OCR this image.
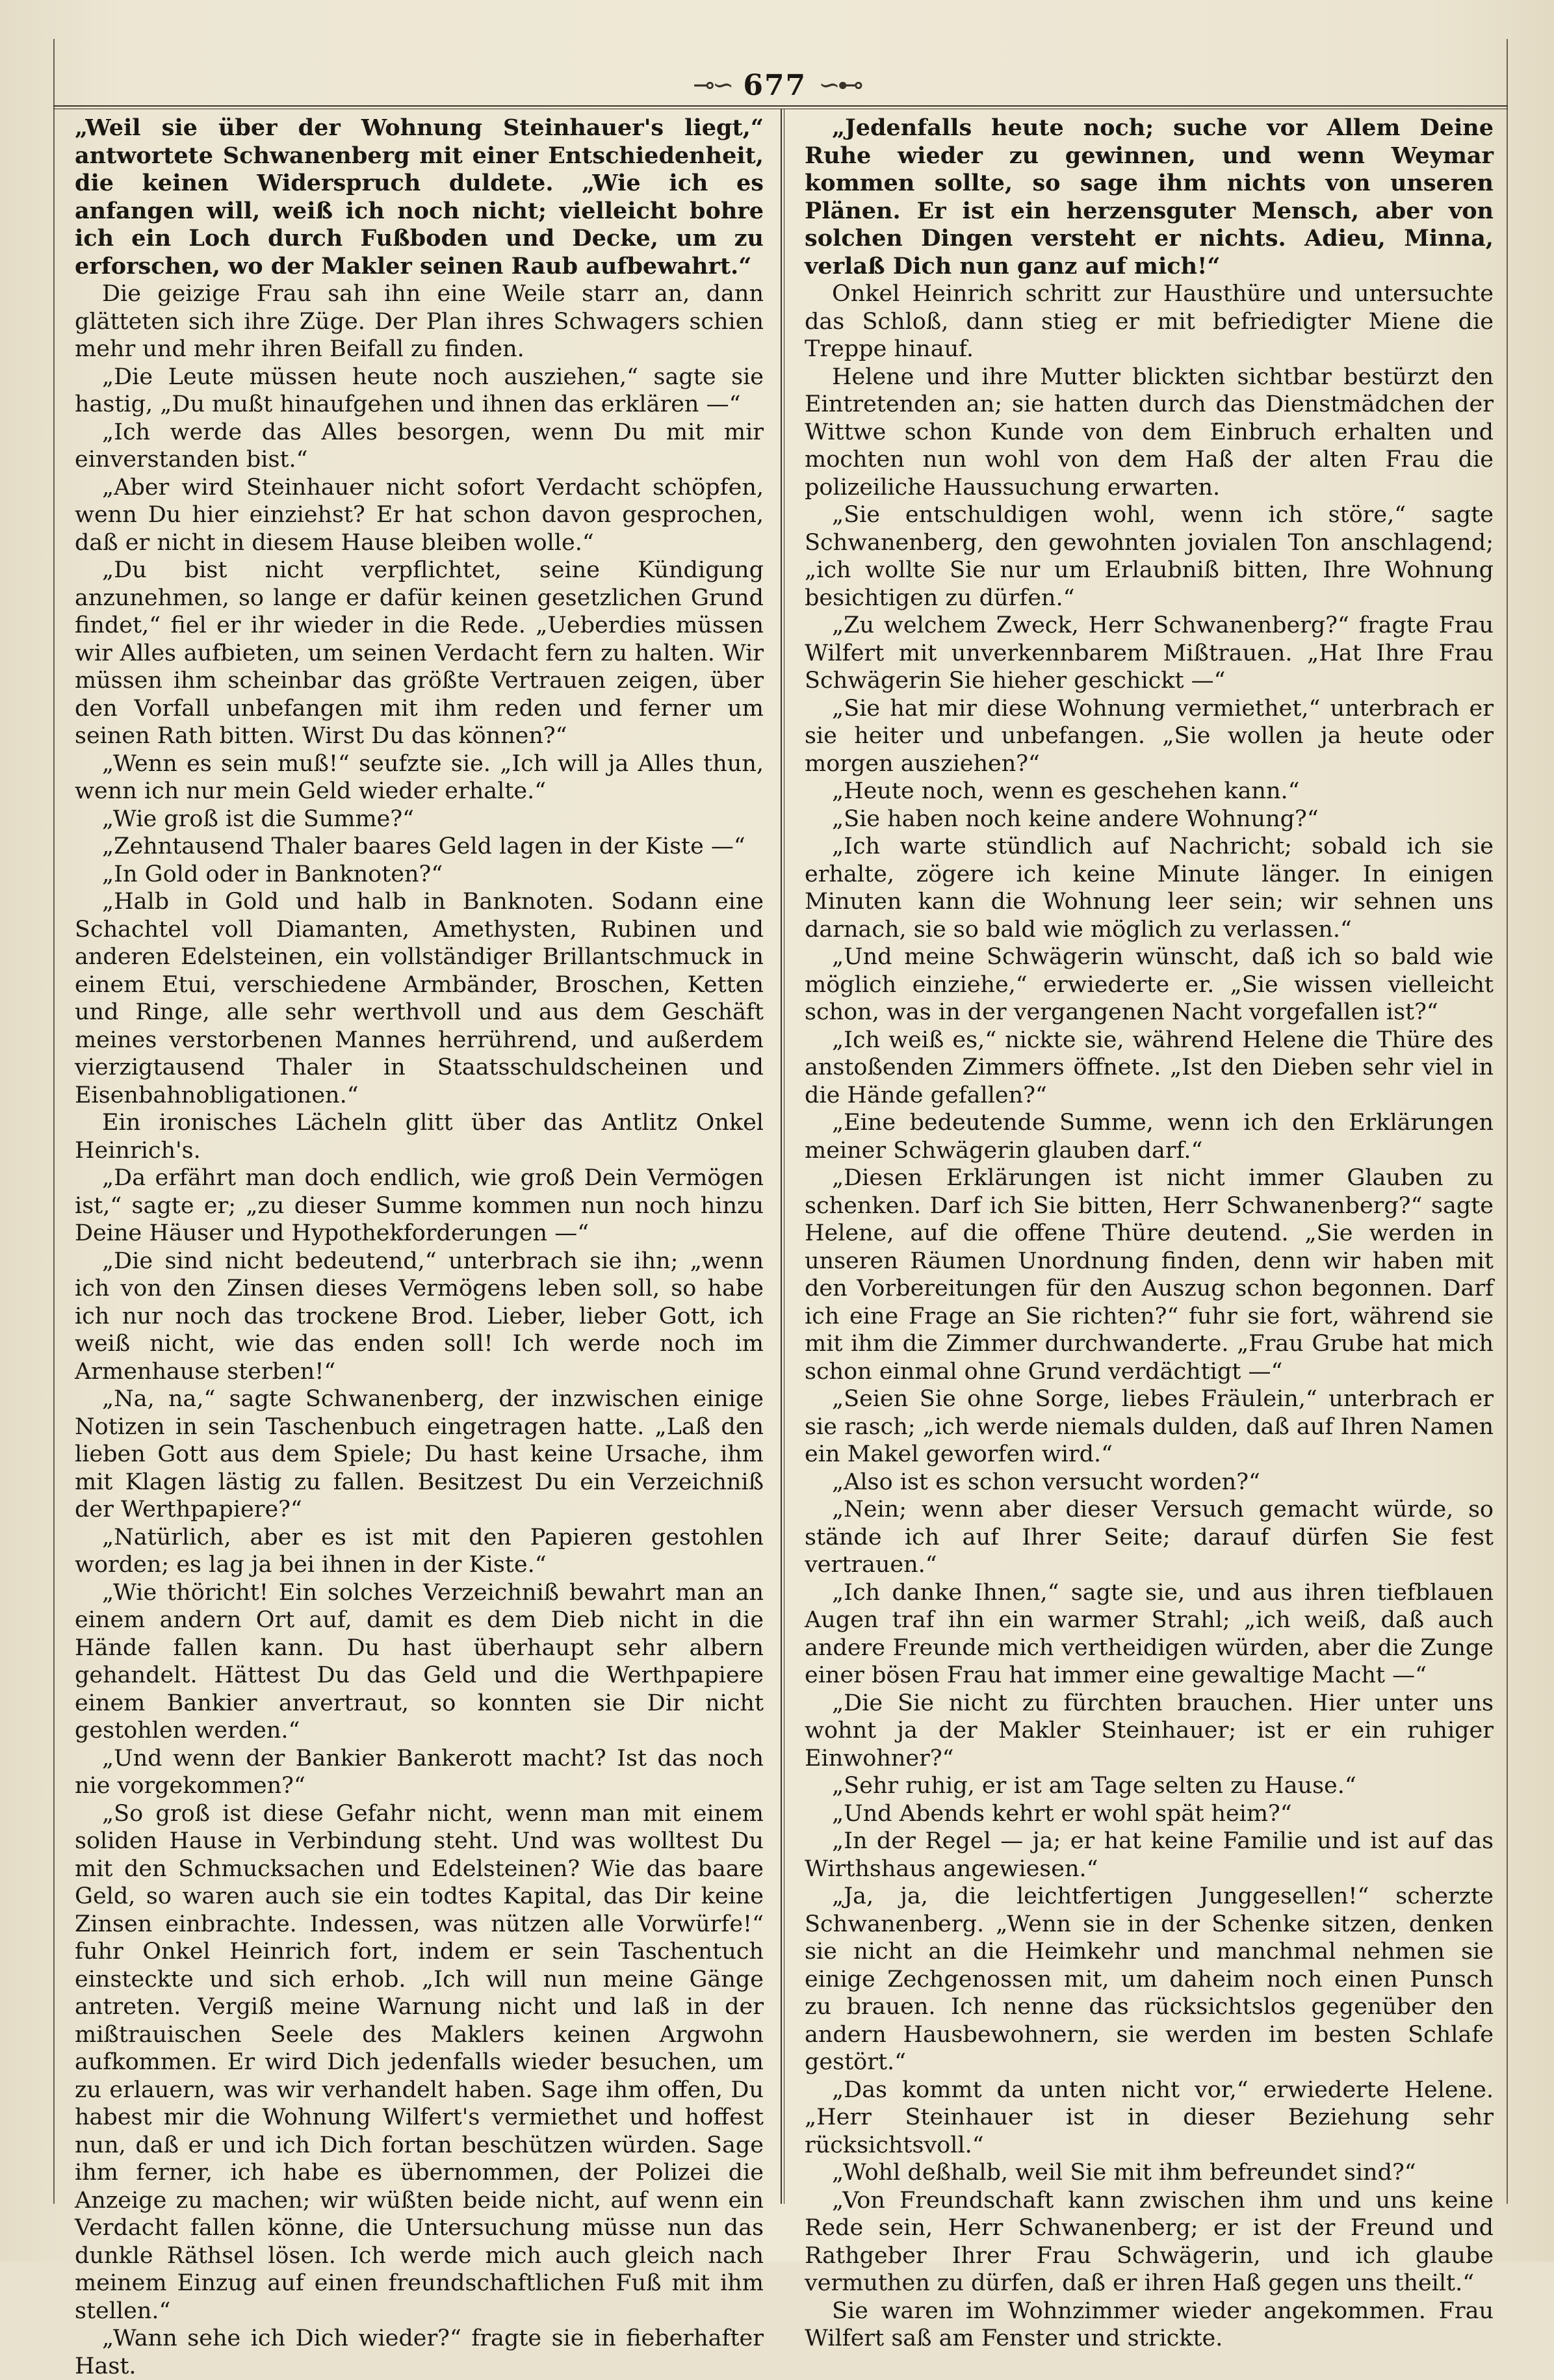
⊸∽ 677 ∽⊷

„Weil sie über der Wohnung Steinhauer's liegt,“ antwortete Schwanenberg mit einer Entschiedenheit, die keinen Widerspruch duldete. „Wie ich es anfangen will, weiß ich noch nicht; vielleicht bohre ich ein Loch durch Fußboden und Decke, um zu erforschen, wo der Makler seinen Raub aufbewahrt.“

Die geizige Frau sah ihn eine Weile starr an, dann glätteten sich ihre Züge. Der Plan ihres Schwagers schien mehr und mehr ihren Beifall zu finden.

„Die Leute müssen heute noch ausziehen,“ sagte sie hastig, „Du mußt hinaufgehen und ihnen das erklären —“

„Ich werde das Alles besorgen, wenn Du mit mir einverstanden bist.“

„Aber wird Steinhauer nicht sofort Verdacht schöpfen, wenn Du hier einziehst? Er hat schon davon gesprochen, daß er nicht in diesem Hause bleiben wolle.“

„Du bist nicht verpflichtet, seine Kündigung anzunehmen, so lange er dafür keinen gesetzlichen Grund findet,“ fiel er ihr wieder in die Rede. „Ueberdies müssen wir Alles aufbieten, um seinen Verdacht fern zu halten. Wir müssen ihm scheinbar das größte Vertrauen zeigen, über den Vorfall unbefangen mit ihm reden und ferner um seinen Rath bitten. Wirst Du das können?“

„Wenn es sein muß!“ seufzte sie. „Ich will ja Alles thun, wenn ich nur mein Geld wieder erhalte.“

„Wie groß ist die Summe?“

„Zehntausend Thaler baares Geld lagen in der Kiste —“

„In Gold oder in Banknoten?“

„Halb in Gold und halb in Banknoten. Sodann eine Schachtel voll Diamanten, Amethysten, Rubinen und anderen Edelsteinen, ein vollständiger Brillantschmuck in einem Etui, verschiedene Armbänder, Broschen, Ketten und Ringe, alle sehr werthvoll und aus dem Geschäft meines verstorbenen Mannes herrührend, und außerdem vierzigtausend Thaler in Staatsschuldscheinen und Eisenbahnobligationen.“

Ein ironisches Lächeln glitt über das Antlitz Onkel Heinrich's.

„Da erfährt man doch endlich, wie groß Dein Vermögen ist,“ sagte er; „zu dieser Summe kommen nun noch hinzu Deine Häuser und Hypothekforderungen —“

„Die sind nicht bedeutend,“ unterbrach sie ihn; „wenn ich von den Zinsen dieses Vermögens leben soll, so habe ich nur noch das trockene Brod. Lieber, lieber Gott, ich weiß nicht, wie das enden soll! Ich werde noch im Armenhause sterben!“

„Na, na,“ sagte Schwanenberg, der inzwischen einige Notizen in sein Taschenbuch eingetragen hatte. „Laß den lieben Gott aus dem Spiele; Du hast keine Ursache, ihm mit Klagen lästig zu fallen. Besitzest Du ein Verzeichniß der Werthpapiere?“

„Natürlich, aber es ist mit den Papieren gestohlen worden; es lag ja bei ihnen in der Kiste.“

„Wie thöricht! Ein solches Verzeichniß bewahrt man an einem andern Ort auf, damit es dem Dieb nicht in die Hände fallen kann. Du hast überhaupt sehr albern gehandelt. Hättest Du das Geld und die Werthpapiere einem Bankier anvertraut, so konnten sie Dir nicht gestohlen werden.“

„Und wenn der Bankier Bankerott macht? Ist das noch nie vorgekommen?“

„So groß ist diese Gefahr nicht, wenn man mit einem soliden Hause in Verbindung steht. Und was wolltest Du mit den Schmucksachen und Edelsteinen? Wie das baare Geld, so waren auch sie ein todtes Kapital, das Dir keine Zinsen einbrachte. Indessen, was nützen alle Vorwürfe!“ fuhr Onkel Heinrich fort, indem er sein Taschentuch einsteckte und sich erhob. „Ich will nun meine Gänge antreten. Vergiß meine Warnung nicht und laß in der mißtrauischen Seele des Maklers keinen Argwohn aufkommen. Er wird Dich jedenfalls wieder besuchen, um zu erlauern, was wir verhandelt haben. Sage ihm offen, Du habest mir die Wohnung Wilfert's vermiethet und hoffest nun, daß er und ich Dich fortan beschützen würden. Sage ihm ferner, ich habe es übernommen, der Polizei die Anzeige zu machen; wir wüßten beide nicht, auf wenn ein Verdacht fallen könne, die Untersuchung müsse nun das dunkle Räthsel lösen. Ich werde mich auch gleich nach meinem Einzug auf einen freundschaftlichen Fuß mit ihm stellen.“

„Wann sehe ich Dich wieder?“ fragte sie in fieberhafter Hast.

„Jedenfalls heute noch; suche vor Allem Deine Ruhe wieder zu gewinnen, und wenn Weymar kommen sollte, so sage ihm nichts von unseren Plänen. Er ist ein herzensguter Mensch, aber von solchen Dingen versteht er nichts. Adieu, Minna, verlaß Dich nun ganz auf mich!“

Onkel Heinrich schritt zur Hausthüre und untersuchte das Schloß, dann stieg er mit befriedigter Miene die Treppe hinauf.

Helene und ihre Mutter blickten sichtbar bestürzt den Eintretenden an; sie hatten durch das Dienstmädchen der Wittwe schon Kunde von dem Einbruch erhalten und mochten nun wohl von dem Haß der alten Frau die polizeiliche Haussuchung erwarten.

„Sie entschuldigen wohl, wenn ich störe,“ sagte Schwanenberg, den gewohnten jovialen Ton anschlagend; „ich wollte Sie nur um Erlaubniß bitten, Ihre Wohnung besichtigen zu dürfen.“

„Zu welchem Zweck, Herr Schwanenberg?“ fragte Frau Wilfert mit unverkennbarem Mißtrauen. „Hat Ihre Frau Schwägerin Sie hieher geschickt —“

„Sie hat mir diese Wohnung vermiethet,“ unterbrach er sie heiter und unbefangen. „Sie wollen ja heute oder morgen ausziehen?“

„Heute noch, wenn es geschehen kann.“

„Sie haben noch keine andere Wohnung?“

„Ich warte stündlich auf Nachricht; sobald ich sie erhalte, zögere ich keine Minute länger. In einigen Minuten kann die Wohnung leer sein; wir sehnen uns darnach, sie so bald wie möglich zu verlassen.“

„Und meine Schwägerin wünscht, daß ich so bald wie möglich einziehe,“ erwiederte er. „Sie wissen vielleicht schon, was in der vergangenen Nacht vorgefallen ist?“

„Ich weiß es,“ nickte sie, während Helene die Thüre des anstoßenden Zimmers öffnete. „Ist den Dieben sehr viel in die Hände gefallen?“

„Eine bedeutende Summe, wenn ich den Erklärungen meiner Schwägerin glauben darf.“

„Diesen Erklärungen ist nicht immer Glauben zu schenken. Darf ich Sie bitten, Herr Schwanenberg?“ sagte Helene, auf die offene Thüre deutend. „Sie werden in unseren Räumen Unordnung finden, denn wir haben mit den Vorbereitungen für den Auszug schon begonnen. Darf ich eine Frage an Sie richten?“ fuhr sie fort, während sie mit ihm die Zimmer durchwanderte. „Frau Grube hat mich schon einmal ohne Grund verdächtigt —“

„Seien Sie ohne Sorge, liebes Fräulein,“ unterbrach er sie rasch; „ich werde niemals dulden, daß auf Ihren Namen ein Makel geworfen wird.“

„Also ist es schon versucht worden?“

„Nein; wenn aber dieser Versuch gemacht würde, so stände ich auf Ihrer Seite; darauf dürfen Sie fest vertrauen.“

„Ich danke Ihnen,“ sagte sie, und aus ihren tiefblauen Augen traf ihn ein warmer Strahl; „ich weiß, daß auch andere Freunde mich vertheidigen würden, aber die Zunge einer bösen Frau hat immer eine gewaltige Macht —“

„Die Sie nicht zu fürchten brauchen. Hier unter uns wohnt ja der Makler Steinhauer; ist er ein ruhiger Einwohner?“

„Sehr ruhig, er ist am Tage selten zu Hause.“

„Und Abends kehrt er wohl spät heim?“

„In der Regel — ja; er hat keine Familie und ist auf das Wirthshaus angewiesen.“

„Ja, ja, die leichtfertigen Junggesellen!“ scherzte Schwanenberg. „Wenn sie in der Schenke sitzen, denken sie nicht an die Heimkehr und manchmal nehmen sie einige Zechgenossen mit, um daheim noch einen Punsch zu brauen. Ich nenne das rücksichtslos gegenüber den andern Hausbewohnern, sie werden im besten Schlafe gestört.“

„Das kommt da unten nicht vor,“ erwiederte Helene. „Herr Steinhauer ist in dieser Beziehung sehr rücksichtsvoll.“

„Wohl deßhalb, weil Sie mit ihm befreundet sind?“

„Von Freundschaft kann zwischen ihm und uns keine Rede sein, Herr Schwanenberg; er ist der Freund und Rathgeber Ihrer Frau Schwägerin, und ich glaube vermuthen zu dürfen, daß er ihren Haß gegen uns theilt.“

Sie waren im Wohnzimmer wieder angekommen. Frau Wilfert saß am Fenster und strickte.
